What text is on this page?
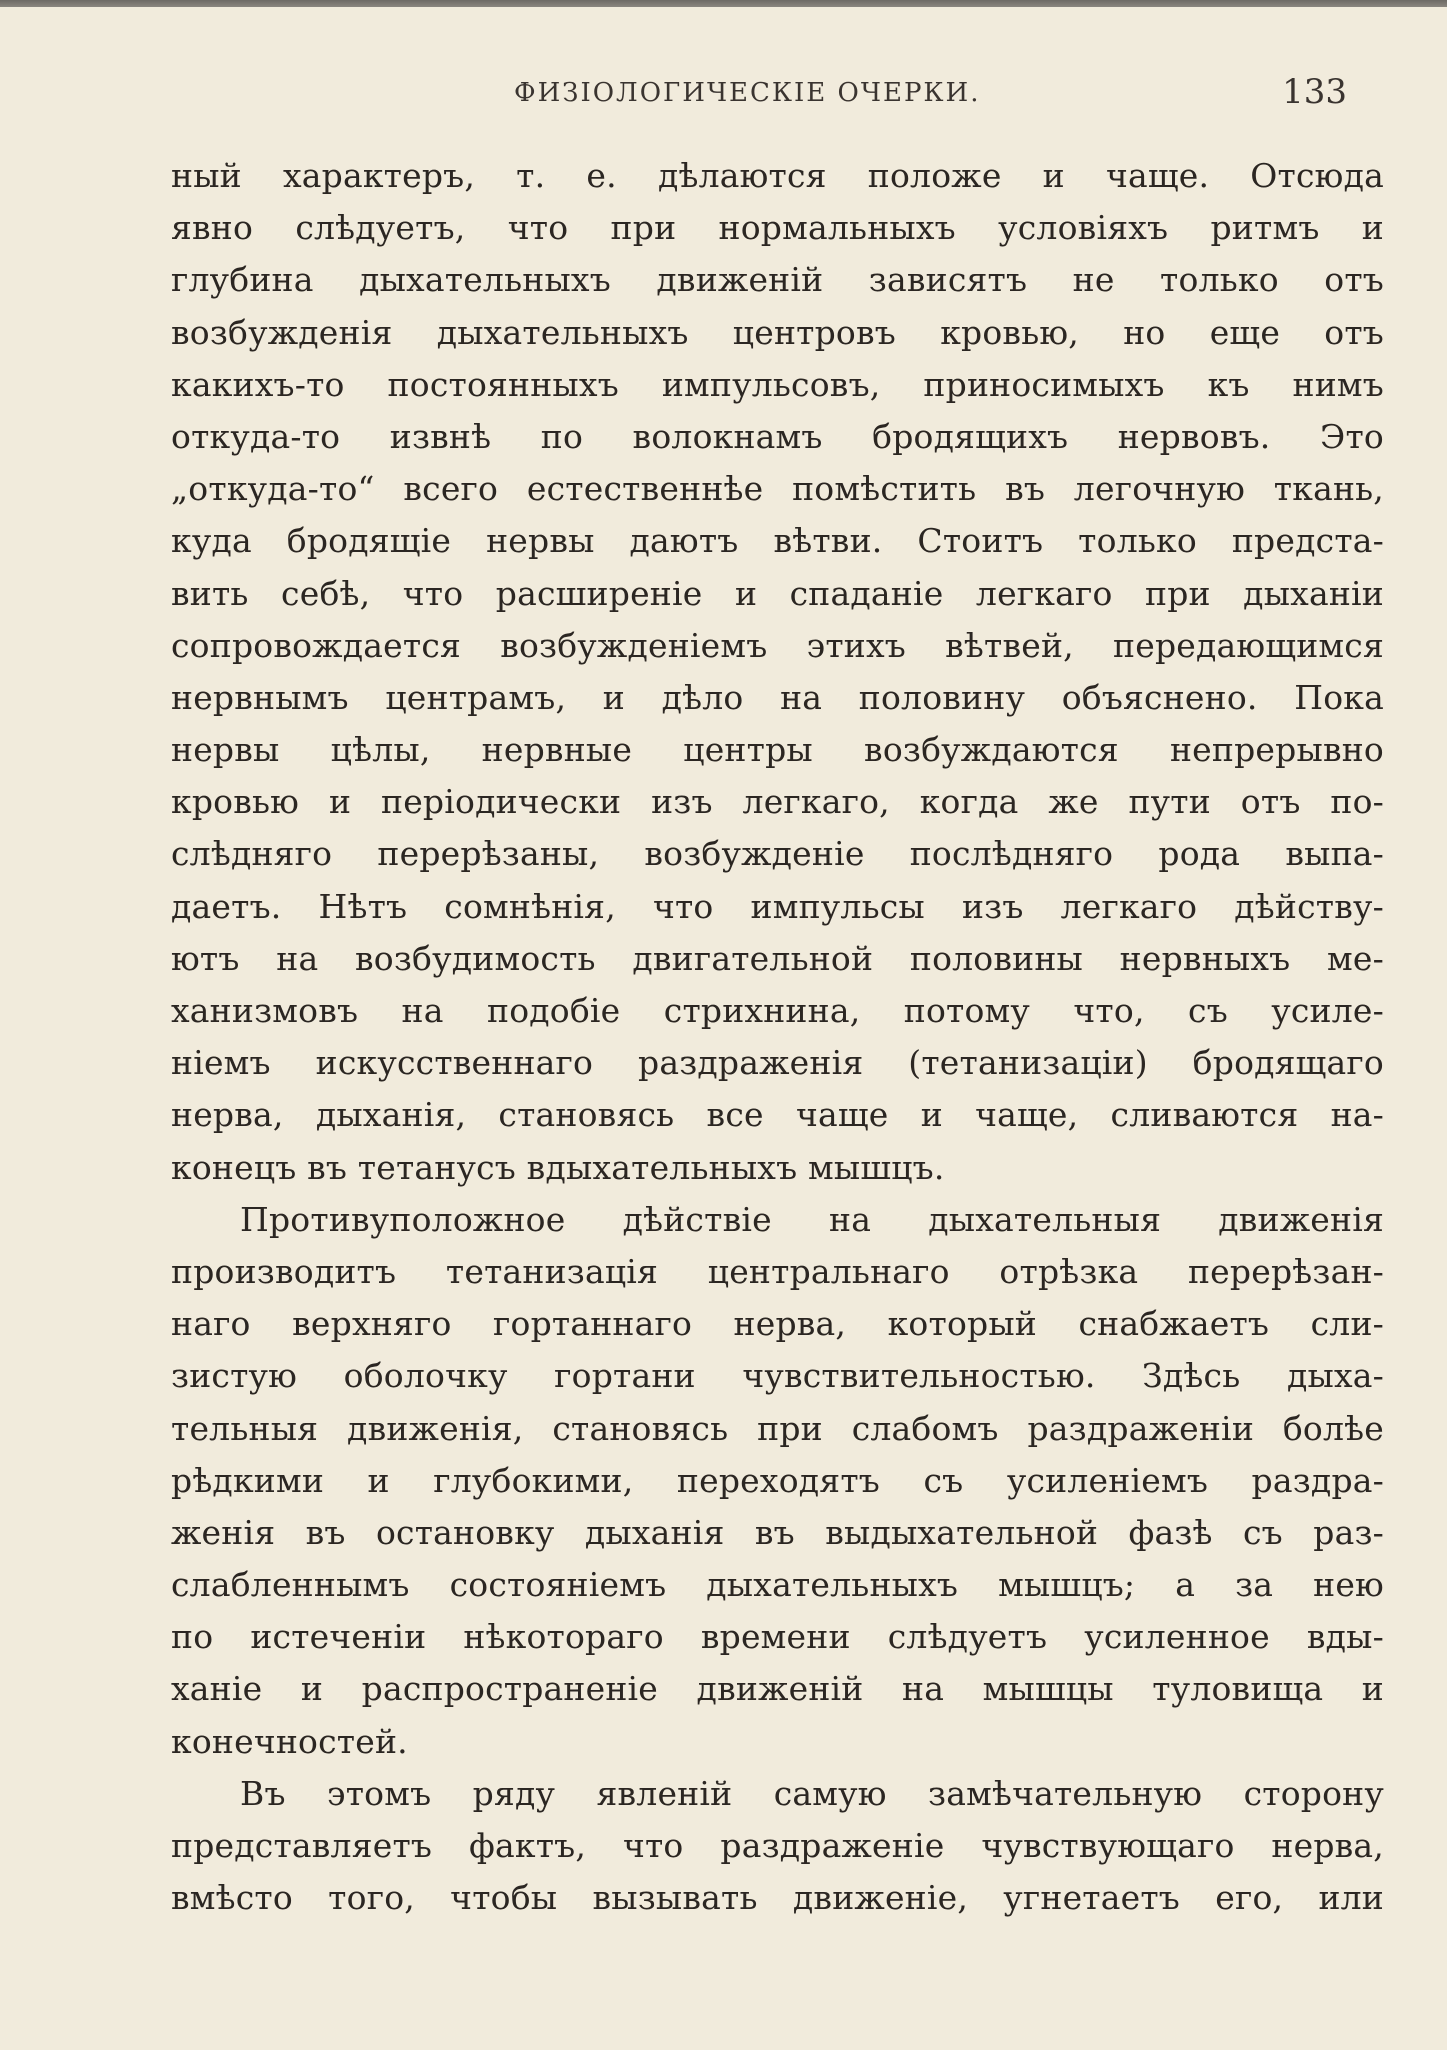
ФИЗІОЛОГИЧЕСКІЕ ОЧЕРКИ.	133
ный характеръ, т. е. дѣлаются положе и чаще. Отсюда
явно слѣдуетъ, что при нормальныхъ условіяхъ ритмъ и
глубина дыхательныхъ движеній зависятъ не только отъ
возбужденія дыхательныхъ центровъ кровью, но еще отъ
какихъ-то постоянныхъ импульсовъ, приносимыхъ къ нимъ
откуда-то извнѣ по волокнамъ бродящихъ нервовъ. Это
„откуда-то“ всего естественнѣе помѣстить въ легочную ткань,
куда бродящіе нервы даютъ вѣтви. Стоитъ только предста-
вить себѣ, что расширеніе и спаданіе легкаго при дыханіи
сопровождается возбужденіемъ этихъ вѣтвей, передающимся
нервнымъ центрамъ, и дѣло на половину объяснено. Пока
нервы цѣлы, нервные центры возбуждаются непрерывно
кровью и періодически изъ легкаго, когда же пути отъ по-
слѣдняго перерѣзаны, возбужденіе послѣдняго рода выпа-
даетъ. Нѣтъ сомнѣнія, что импульсы изъ легкаго дѣйству-
ютъ на возбудимость двигательной половины нервныхъ ме-
ханизмовъ на подобіе стрихнина, потому что, съ усиле-
ніемъ искусственнаго раздраженія (тетанизаціи) бродящаго
нерва, дыханія, становясь все чаще и чаще, сливаются на-
конецъ въ тетанусъ вдыхательныхъ мышцъ.
Противуположное дѣйствіе на дыхательныя движенія
производитъ тетанизація центральнаго отрѣзка перерѣзан-
наго верхняго гортаннаго нерва, который снабжаетъ сли-
зистую оболочку гортани чувствительностью. Здѣсь дыха-
тельныя движенія, становясь при слабомъ раздраженіи болѣе
рѣдкими и глубокими, переходятъ съ усиленіемъ раздра-
женія въ остановку дыханія въ выдыхательной фазѣ съ раз-
слабленнымъ состояніемъ дыхательныхъ мышцъ; а за нею
по истеченіи нѣкотораго времени слѣдуетъ усиленное вды-
ханіе и распространеніе движеній на мышцы туловища и
конечностей.
Въ этомъ ряду явленій самую замѣчательную сторону
представляетъ фактъ, что раздраженіе чувствующаго нерва,
вмѣсто того, чтобы вызывать движеніе, угнетаетъ его, или
